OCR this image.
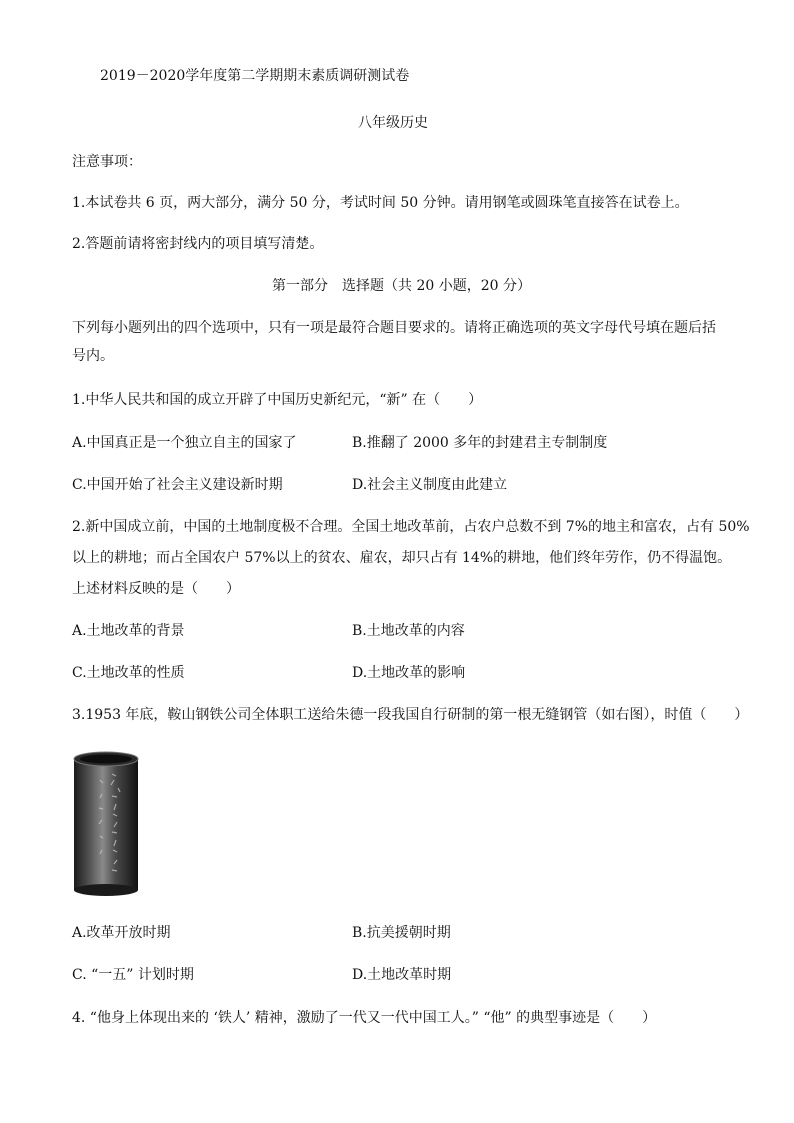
2019－2020学年度第二学期期末素质调研测试卷
八年级历史
注意事项：
1.本试卷共 6 页，两大部分，满分 50 分，考试时间 50 分钟。请用钢笔或圆珠笔直接答在试卷上。
2.答题前请将密封线内的项目填写清楚。
第一部分　选择题（共 20 小题，20 分）
下列每小题列出的四个选项中，只有一项是最符合题目要求的。请将正确选项的英文字母代号填在题后括
号内。
1.中华人民共和国的成立开辟了中国历史新纪元，“新” 在（　　）
A.中国真正是一个独立自主的国家了	B.推翻了 2000 多年的封建君主专制制度
C.中国开始了社会主义建设新时期	D.社会主义制度由此建立
2.新中国成立前，中国的土地制度极不合理。全国土地改革前，占农户总数不到 7%的地主和富农，占有 50%
以上的耕地；而占全国农户 57%以上的贫农、雇农，却只占有 14%的耕地，他们终年劳作，仍不得温饱。
上述材料反映的是（　　）
A.土地改革的背景	B.土地改革的内容
C.土地改革的性质	D.土地改革的影响
3.1953 年底，鞍山钢铁公司全体职工送给朱德一段我国自行研制的第一根无缝钢管（如右图），时值（　　）
A.改革开放时期	B.抗美援朝时期
C. “一五” 计划时期	D.土地改革时期
4. “他身上体现出来的 ‘铁人’ 精神，激励了一代又一代中国工人。” “他” 的典型事迹是（　　）
